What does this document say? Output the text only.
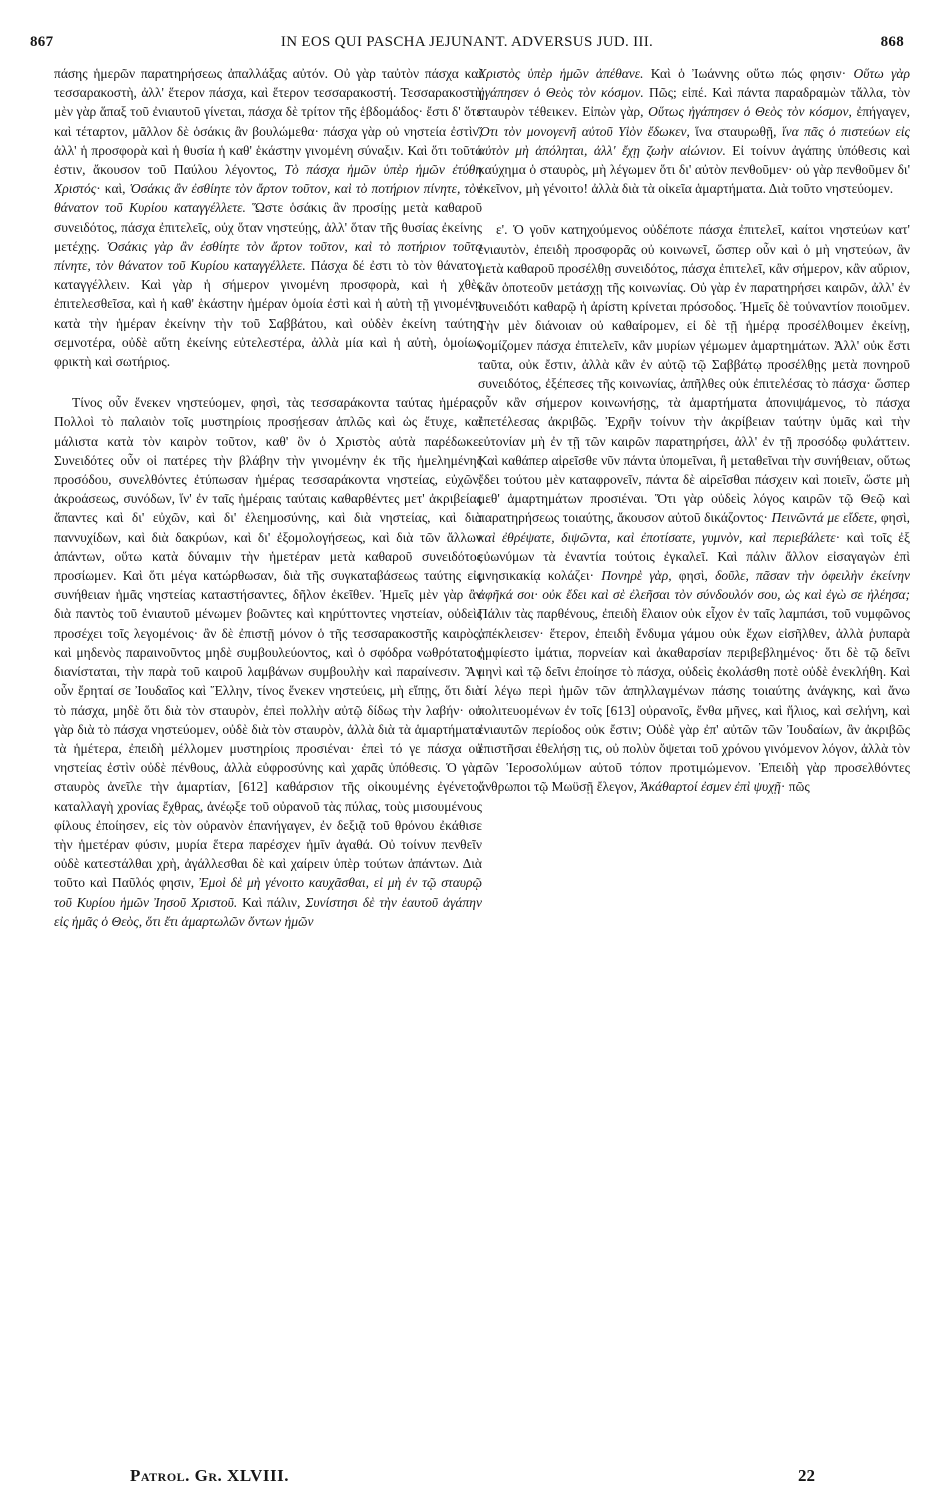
867	IN EOS QUI PASCHA JEJUNANT. ADVERSUS JUD. III.	868

πάσης ἡμερῶν παρατηρήσεως ἀπαλλάξας αὐτόν. Οὐ γὰρ ταὐτὸν πάσχα καὶ τεσσαρακοστὴ, ἀλλ' ἕτερον πάσχα, καὶ ἕτερον τεσσαρακοστή. Τεσσαρακοστὴ μὲν γὰρ ἅπαξ τοῦ ἐνιαυτοῦ γίνεται, πάσχα δὲ τρίτον τῆς ἑβδομάδος· ἔστι δ' ὅτε καὶ τέταρτον, μᾶλλον δὲ ὁσάκις ἂν βουλώμεθα· πάσχα γὰρ οὐ νηστεία ἐστὶν, ἀλλ' ἡ προσφορὰ καὶ ἡ θυσία ἡ καθ' ἑκάστην γινομένη σύναξιν. Καὶ ὅτι τοῦτό ἐστιν, ἄκουσον τοῦ Παύλου λέγοντος, Τὸ πάσχα ἡμῶν ὑπὲρ ἡμῶν ἐτύθη Χριστός· καὶ, Ὁσάκις ἂν ἐσθίητε τὸν ἄρτον τοῦτον, καὶ τὸ ποτήριον πίνητε, τὸν θάνατον τοῦ Κυρίου καταγγέλλετε. Ὥστε ὁσάκις ἂν προσίῃς μετὰ καθαροῦ συνειδότος, πάσχα ἐπιτελεῖς, οὐχ ὅταν νηστεύῃς, ἀλλ' ὅταν τῆς θυσίας ἐκείνης μετέχῃς. Ὁσάκις γὰρ ἂν ἐσθίητε τὸν ἄρτον τοῦτον, καὶ τὸ ποτήριον τοῦτο πίνητε, τὸν θάνατον τοῦ Κυρίου καταγγέλλετε. Πάσχα δέ ἐστι τὸ τὸν θάνατον καταγγέλλειν. Καὶ γὰρ ἡ σήμερον γινομένη προσφορὰ, καὶ ἡ χθὲς ἐπιτελεσθεῖσα, καὶ ἡ καθ' ἑκάστην ἡμέραν ὁμοία ἐστὶ καὶ ἡ αὐτὴ τῇ γινομένῃ κατὰ τὴν ἡμέραν ἐκείνην τὴν τοῦ Σαββάτου, καὶ οὐδὲν ἐκείνη ταύτης σεμνοτέρα, οὐδὲ αὕτη ἐκείνης εὐτελεστέρα, ἀλλὰ μία καὶ ἡ αὐτὴ, ὁμοίως φρικτὴ καὶ σωτήριος.

Τίνος οὖν ἕνεκεν νηστεύομεν, φησὶ, τὰς τεσσαράκοντα ταύτας ἡμέρας; Πολλοὶ τὸ παλαιὸν τοῖς μυστηρίοις προσῄεσαν ἁπλῶς καὶ ὡς ἔτυχε, καὶ μάλιστα κατὰ τὸν καιρὸν τοῦτον, καθ' ὃν ὁ Χριστὸς αὐτὰ παρέδωκε. Συνειδότες οὖν οἱ πατέρες τὴν βλάβην τὴν γινομένην ἐκ τῆς ἠμελημένης προσόδου, συνελθόντες ἐτύπωσαν ἡμέρας τεσσαράκοντα νηστείας, εὐχῶν, ἀκροάσεως, συνόδων, ἵν' ἐν ταῖς ἡμέραις ταύταις καθαρθέντες μετ' ἀκριβείας ἅπαντες καὶ δι' εὐχῶν, καὶ δι' ἐλεημοσύνης, καὶ διὰ νηστείας, καὶ διὰ παννυχίδων, καὶ διὰ δακρύων, καὶ δι' ἐξομολογήσεως, καὶ διὰ τῶν ἄλλων ἁπάντων, οὕτω κατὰ δύναμιν τὴν ἡμετέραν μετὰ καθαροῦ συνειδότος προσίωμεν. Καὶ ὅτι μέγα κατώρθωσαν, διὰ τῆς συγκαταβάσεως ταύτης εἰς συνήθειαν ἡμᾶς νηστείας καταστήσαντες, δῆλον ἐκεῖθεν. Ἡμεῖς μὲν γὰρ ἂν διὰ παντὸς τοῦ ἐνιαυτοῦ μένωμεν βοῶντες καὶ κηρύττοντες νηστείαν, οὐδεὶς προσέχει τοῖς λεγομένοις· ἂν δὲ ἐπιστῇ μόνον ὁ τῆς τεσσαρακοστῆς καιρὸς, καὶ μηδενὸς παραινοῦντος μηδὲ συμβουλεύοντος, καὶ ὁ σφόδρα νωθρότατος διανίσταται, τὴν παρὰ τοῦ καιροῦ λαμβάνων συμβουλὴν καὶ παραίνεσιν. Ἂν οὖν ἔρηταί σε Ἰουδαῖος καὶ Ἕλλην, τίνος ἕνεκεν νηστεύεις, μὴ εἴπῃς, ὅτι διὰ τὸ πάσχα, μηδὲ ὅτι διὰ τὸν σταυρὸν, ἐπεὶ πολλὴν αὐτῷ δίδως τὴν λαβήν· οὐ γὰρ διὰ τὸ πάσχα νηστεύομεν, οὐδὲ διὰ τὸν σταυρὸν, ἀλλὰ διὰ τὰ ἁμαρτήματα τὰ ἡμέτερα, ἐπειδὴ μέλλομεν μυστηρίοις προσιέναι· ἐπεὶ τό γε πάσχα οὐ νηστείας ἐστὶν οὐδὲ πένθους, ἀλλὰ εὐφροσύνης καὶ χαρᾶς ὑπόθεσις. Ὁ γὰρ σταυρὸς ἀνεῖλε τὴν ἁμαρτίαν, [612] καθάρσιον τῆς οἰκουμένης ἐγένετο, καταλλαγὴ χρονίας ἔχθρας, ἀνέῳξε τοῦ οὐρανοῦ τὰς πύλας, τοὺς μισουμένους φίλους ἐποίησεν, εἰς τὸν οὐρανὸν ἐπανήγαγεν, ἐν δεξιᾷ τοῦ θρόνου ἐκάθισε τὴν ἡμετέραν φύσιν, μυρία ἕτερα παρέσχεν ἡμῖν ἀγαθά. Οὐ τοίνυν πενθεῖν οὐδὲ κατεστάλθαι χρὴ, ἀγάλλεσθαι δὲ καὶ χαίρειν ὑπὲρ τούτων ἁπάντων. Διὰ τοῦτο καὶ Παῦλός φησιν, Ἐμοὶ δὲ μὴ γένοιτο καυχᾶσθαι, εἰ μὴ ἐν τῷ σταυρῷ τοῦ Κυρίου ἡμῶν Ἰησοῦ Χριστοῦ. Καὶ πάλιν, Συνίστησι δὲ τὴν ἑαυτοῦ ἀγάπην εἰς ἡμᾶς ὁ Θεὸς, ὅτι ἔτι ἁμαρτωλῶν ὄντων ἡμῶν

Χριστὸς ὑπὲρ ἡμῶν ἀπέθανε. Καὶ ὁ Ἰωάννης οὕτω πώς φησιν· Οὕτω γὰρ ἠγάπησεν ὁ Θεὸς τὸν κόσμον. Πῶς; εἰπέ. Καὶ πάντα παραδραμὼν τἄλλα, τὸν σταυρὸν τέθεικεν. Εἰπὼν γὰρ, Οὕτως ἠγάπησεν ὁ Θεὸς τὸν κόσμον, ἐπήγαγεν, Ὅτι τὸν μονογενῆ αὐτοῦ Υἱὸν ἔδωκεν, ἵνα σταυρωθῇ, ἵνα πᾶς ὁ πιστεύων εἰς αὐτὸν μὴ ἀπόληται, ἀλλ' ἔχῃ ζωὴν αἰώνιον. Εἰ τοίνυν ἀγάπης ὑπόθεσις καὶ καύχημα ὁ σταυρὸς, μὴ λέγωμεν ὅτι δι' αὐτὸν πενθοῦμεν· οὐ γὰρ πενθοῦμεν δι' ἐκεῖνον, μὴ γένοιτο! ἀλλὰ διὰ τὰ οἰκεῖα ἁμαρτήματα. Διὰ τοῦτο νηστεύομεν.

ε'. Ὁ γοῦν κατηχούμενος οὐδέποτε πάσχα ἐπιτελεῖ, καίτοι νηστεύων κατ' ἐνιαυτὸν, ἐπειδὴ προσφορᾶς οὐ κοινωνεῖ, ὥσπερ οὖν καὶ ὁ μὴ νηστεύων, ἂν μετὰ καθαροῦ προσέλθῃ συνειδότος, πάσχα ἐπιτελεῖ, κἂν σήμερον, κἂν αὔριον, κἂν ὁποτεοῦν μετάσχῃ τῆς κοινωνίας. Οὐ γὰρ ἐν παρατηρήσει καιρῶν, ἀλλ' ἐν συνειδότι καθαρῷ ἡ ἀρίστη κρίνεται πρόσοδος. Ἡμεῖς δὲ τοὐναντίον ποιοῦμεν. Τὴν μὲν διάνοιαν οὐ καθαίρομεν, εἰ δὲ τῇ ἡμέρᾳ προσέλθοιμεν ἐκείνῃ, νομίζομεν πάσχα ἐπιτελεῖν, κἂν μυρίων γέμωμεν ἁμαρτημάτων. Ἀλλ' οὐκ ἔστι ταῦτα, οὐκ ἔστιν, ἀλλὰ κἂν ἐν αὐτῷ τῷ Σαββάτῳ προσέλθῃς μετὰ πονηροῦ συνειδότος, ἐξέπεσες τῆς κοινωνίας, ἀπῆλθες οὐκ ἐπιτελέσας τὸ πάσχα· ὥσπερ οὖν κἂν σήμερον κοινωνήσῃς, τὰ ἁμαρτήματα ἀπονιψάμενος, τὸ πάσχα ἐπετέλεσας ἀκριβῶς. Ἐχρῆν τοίνυν τὴν ἀκρίβειαν ταύτην ὑμᾶς καὶ τὴν εὐτονίαν μὴ ἐν τῇ τῶν καιρῶν παρατηρήσει, ἀλλ' ἐν τῇ προσόδῳ φυλάττειν. Καὶ καθάπερ αἱρεῖσθε νῦν πάντα ὑπομεῖναι, ἢ μεταθεῖναι τὴν συνήθειαν, οὕτως ἔδει τούτου μὲν καταφρονεῖν, πάντα δὲ αἱρεῖσθαι πάσχειν καὶ ποιεῖν, ὥστε μὴ μεθ' ἁμαρτημάτων προσιέναι. Ὅτι γὰρ οὐδεὶς λόγος καιρῶν τῷ Θεῷ καὶ παρατηρήσεως τοιαύτης, ἄκουσον αὐτοῦ δικάζοντος· Πεινῶντά με εἴδετε, φησὶ, καὶ ἐθρέψατε, διψῶντα, καὶ ἐποτίσατε, γυμνὸν, καὶ περιεβάλετε· καὶ τοῖς ἐξ εὐωνύμων τὰ ἐναντία τούτοις ἐγκαλεῖ. Καὶ πάλιν ἄλλον εἰσαγαγὼν ἐπὶ μνησικακίᾳ κολάζει· Πονηρὲ γὰρ, φησὶ, δοῦλε, πᾶσαν τὴν ὀφειλὴν ἐκείνην ἀφῆκά σοι· οὐκ ἔδει καὶ σὲ ἐλεῆσαι τὸν σύνδουλόν σου, ὡς καὶ ἐγὼ σε ἠλέησα; Πάλιν τὰς παρθένους, ἐπειδὴ ἔλαιον οὐκ εἶχον ἐν ταῖς λαμπάσι, τοῦ νυμφῶνος ἀπέκλεισεν· ἕτερον, ἐπειδὴ ἔνδυμα γάμου οὐκ ἔχων εἰσῆλθεν, ἀλλὰ ῥυπαρὰ ἠμφίεστο ἱμάτια, πορνείαν καὶ ἀκαθαρσίαν περιβεβλημένος· ὅτι δὲ τῷ δεῖνι μηνὶ καὶ τῷ δεῖνι ἐποίησε τὸ πάσχα, οὐδεὶς ἐκολάσθη ποτὲ οὐδὲ ἐνεκλήθη. Καὶ τί λέγω περὶ ἡμῶν τῶν ἀπηλλαγμένων πάσης τοιαύτης ἀνάγκης, καὶ ἄνω πολιτευομένων ἐν τοῖς [613] οὐρανοῖς, ἔνθα μῆνες, καὶ ἥλιος, καὶ σελήνη, καὶ ἐνιαυτῶν περίοδος οὐκ ἔστιν; Οὐδὲ γὰρ ἐπ' αὐτῶν τῶν Ἰουδαίων, ἂν ἀκριβῶς ἐπιστῆσαι ἐθελήσῃ τις, οὐ πολὺν ὄψεται τοῦ χρόνου γινόμενον λόγον, ἀλλὰ τὸν τῶν Ἱεροσολύμων αὐτοῦ τόπον προτιμώμενον. Ἐπειδὴ γὰρ προσελθόντες ἄνθρωποι τῷ Μωϋσῇ ἔλεγον, Ἀκάθαρτοί ἐσμεν ἐπὶ ψυχῇ· πῶς

Patrol. Gr. XLVIII.	22
